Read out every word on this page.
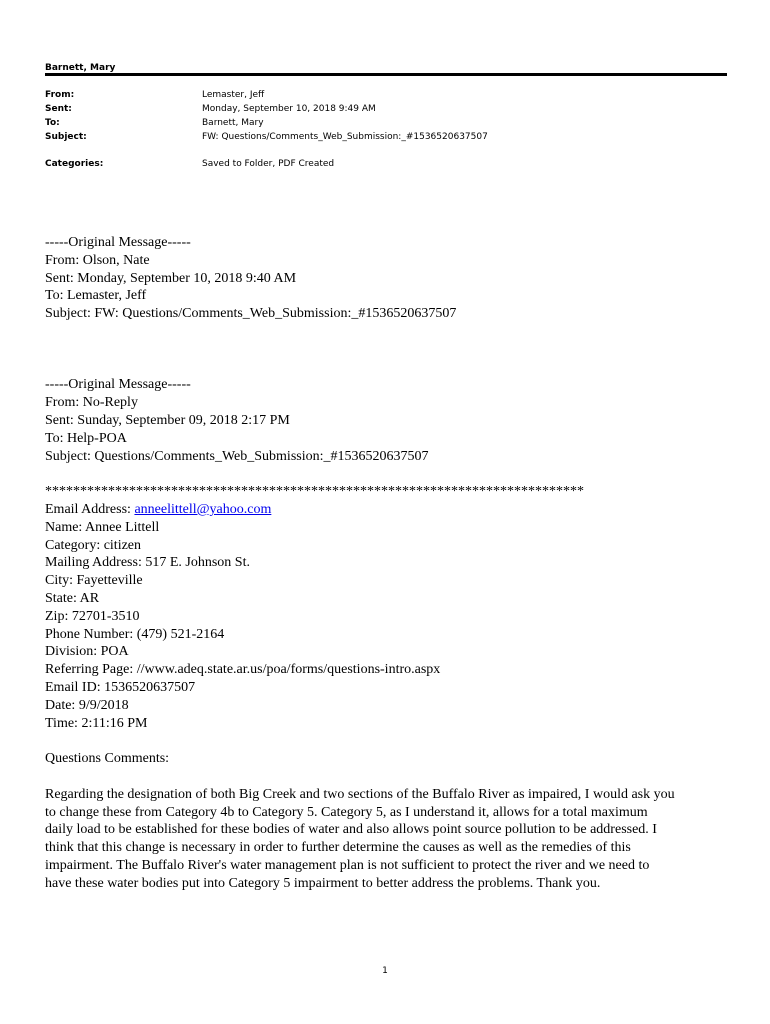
Barnett, Mary
From:	Lemaster, Jeff
Sent:	Monday, September 10, 2018 9:49 AM
To:	Barnett, Mary
Subject:	FW: Questions/Comments_Web_Submission:_#1536520637507
Categories:	Saved to Folder, PDF Created
-----Original Message-----
From: Olson, Nate
Sent: Monday, September 10, 2018 9:40 AM
To: Lemaster, Jeff
Subject: FW: Questions/Comments_Web_Submission:_#1536520637507
-----Original Message-----
From: No-Reply
Sent: Sunday, September 09, 2018 2:17 PM
To: Help-POA
Subject: Questions/Comments_Web_Submission:_#1536520637507
*****************************************************************************
Email Address: anneelittell@yahoo.com
Name: Annee Littell
Category: citizen
Mailing Address: 517 E. Johnson St.
City: Fayetteville
State: AR
Zip: 72701-3510
Phone Number: (479) 521-2164
Division: POA
Referring Page: //www.adeq.state.ar.us/poa/forms/questions-intro.aspx
Email ID: 1536520637507
Date: 9/9/2018
Time: 2:11:16 PM
Questions Comments:
Regarding the designation of both Big Creek and two sections of the Buffalo River as impaired, I would ask you
to change these from Category 4b to Category 5. Category 5, as I understand it, allows for a total maximum
daily load to be established for these bodies of water and also allows point source pollution to be addressed. I
think that this change is necessary in order to further determine the causes as well as the remedies of this
impairment. The Buffalo River's water management plan is not sufficient to protect the river and we need to
have these water bodies put into Category 5 impairment to better address the problems. Thank you.
1
